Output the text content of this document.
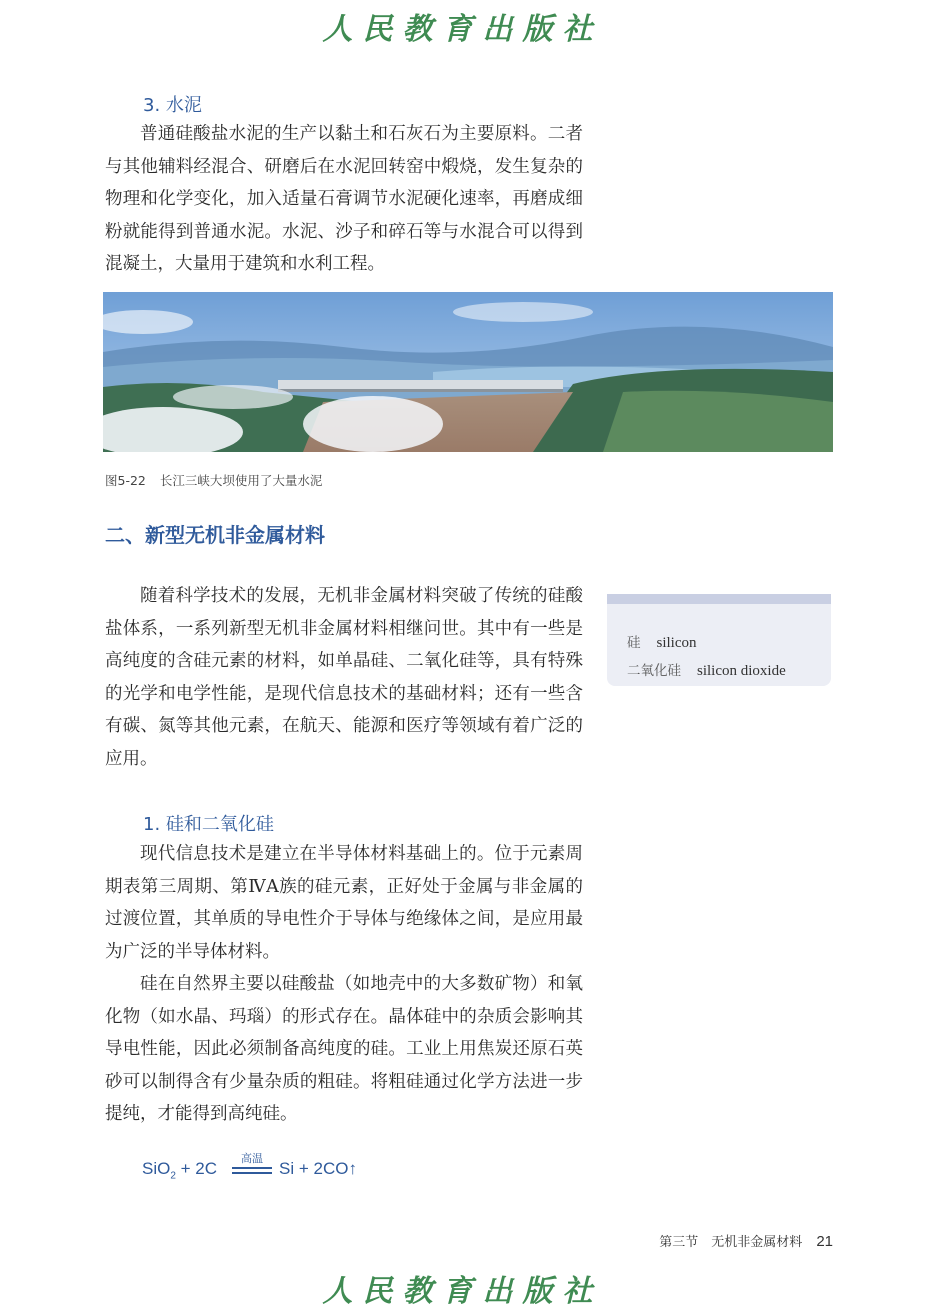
人民教育出版社
3. 水泥

普通硅酸盐水泥的生产以黏土和石灰石为主要原料。二者与其他辅料经混合、研磨后在水泥回转窑中煅烧，发生复杂的物理和化学变化，加入适量石膏调节水泥硬化速率，再磨成细粉就能得到普通水泥。水泥、沙子和碎石等与水混合可以得到混凝土，大量用于建筑和水利工程。

图5-22 长江三峡大坝使用了大量水泥
二、新型无机非金属材料

随着科学技术的发展，无机非金属材料突破了传统的硅酸盐体系，一系列新型无机非金属材料相继问世。其中有一些是高纯度的含硅元素的材料，如单晶硅、二氧化硅等，具有特殊的光学和电学性能，是现代信息技术的基础材料；还有一些含有碳、氮等其他元素，在航天、能源和医疗等领域有着广泛的应用。

硅 silicon
二氧化硅 silicon dioxide
1. 硅和二氧化硅

现代信息技术是建立在半导体材料基础上的。位于元素周期表第三周期、第ⅣA族的硅元素，正好处于金属与非金属的过渡位置，其单质的导电性介于导体与绝缘体之间，是应用最为广泛的半导体材料。

硅在自然界主要以硅酸盐（如地壳中的大多数矿物）和氧化物（如水晶、玛瑙）的形式存在。晶体硅中的杂质会影响其导电性能，因此必须制备高纯度的硅。工业上用焦炭还原石英砂可以制得含有少量杂质的粗硅。将粗硅通过化学方法进一步提纯，才能得到高纯硅。

SiO$_2$ + 2C
高温
Si + 2CO↑
第三节　无机非金属材料 21
人民教育出版社
